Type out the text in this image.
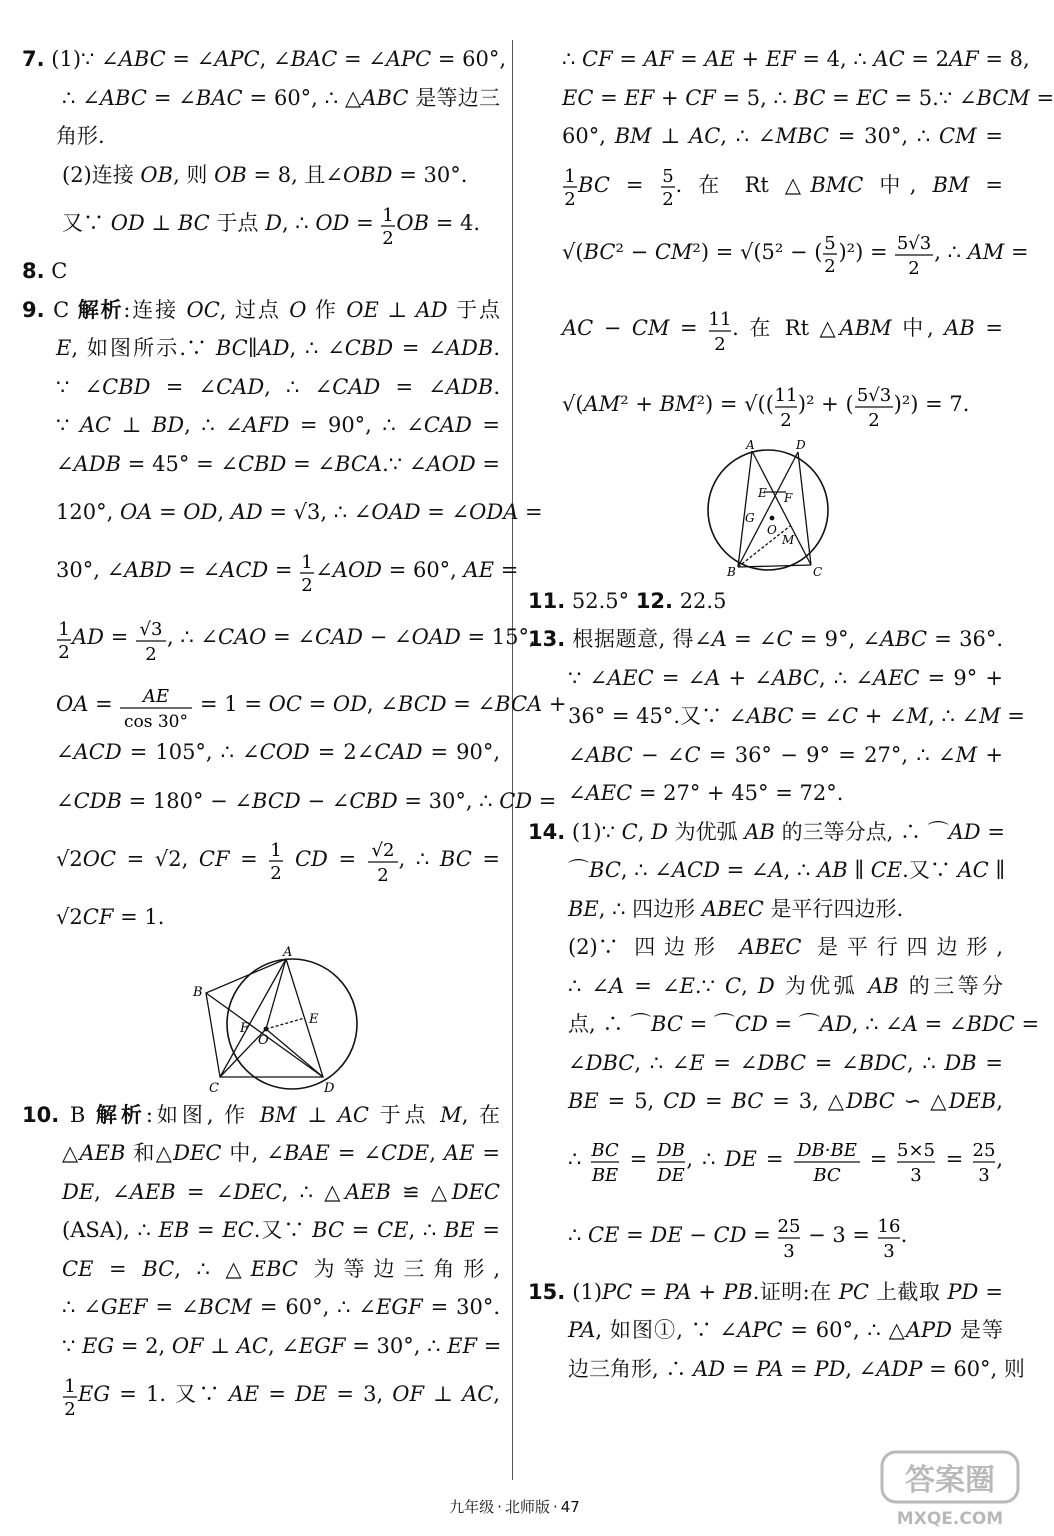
7. (1)∵ ∠ABC = ∠APC, ∠BAC = ∠APC = 60°,
∴ ∠ABC = ∠BAC = 60°, ∴ △ABC 是等边三
角形.
(2)连接 OB, 则 OB = 8, 且∠OBD = 30°.
又∵ OD ⊥ BC 于点 D, ∴ OD = 1
2
OB = 4.
8. C
9. C 解析:连接 OC, 过点 O 作 OE ⊥ AD 于点
E, 如图所示.∵ BC∥AD, ∴ ∠CBD = ∠ADB.
∵ ∠CBD = ∠CAD, ∴ ∠CAD = ∠ADB.
∵ AC ⊥ BD, ∴ ∠AFD = 90°, ∴ ∠CAD =
∠ADB = 45° = ∠CBD = ∠BCA.∵ ∠AOD =
120°, OA = OD, AD = √3, ∴ ∠OAD = ∠ODA =
30°, ∠ABD = ∠ACD = 1
2
∠AOD = 60°, AE =
1
2
AD = √3
2
, ∴ ∠CAO = ∠CAD − ∠OAD = 15°,
OA = AE
cos 30°
= 1 = OC = OD, ∠BCD = ∠BCA +
∠ACD = 105°, ∴ ∠COD = 2∠CAD = 90°,
∠CDB = 180° − ∠BCD − ∠CBD = 30°, ∴ CD =
√2OC = √2, CF = 1
2
CD = √2
2
, ∴ BC =
√2CF = 1.
A
B
C	D
O
F
E
10. B 解析:如图, 作 BM ⊥ AC 于点 M, 在
△AEB 和△DEC 中, ∠BAE = ∠CDE, AE =
DE, ∠AEB = ∠DEC, ∴ △AEB ≌ △DEC
(ASA), ∴ EB = EC.又∵ BC = CE, ∴ BE =
CE = BC, ∴ △EBC 为等边三角形,
∴ ∠GEF = ∠BCM = 60°, ∴ ∠EGF = 30°.
∵ EG = 2, OF ⊥ AC, ∠EGF = 30°, ∴ EF =
1
2
EG = 1. 又∵ AE = DE = 3, OF ⊥ AC,
∴ CF = AF = AE + EF = 4, ∴ AC = 2AF = 8,
EC = EF + CF = 5, ∴ BC = EC = 5.∵ ∠BCM =
60°, BM ⊥ AC, ∴ ∠MBC = 30°, ∴ CM =
1
2
BC = 5
2
. 在 Rt △BMC 中, BM =
√(BC² − CM²) = √(5² − ( 5
2
)²) = 5√3
2
, ∴ AM =
AC − CM = 11
2
. 在 Rt △ABM 中, AB =
√(AM² + BM²) = √(( 11
2
)² + ( 5√3
2
)²) = 7.
A	D
E F
G
O
M
B	C
11. 52.5° 12. 22.5
13. 根据题意, 得∠A = ∠C = 9°, ∠ABC = 36°.
∵ ∠AEC = ∠A + ∠ABC, ∴ ∠AEC = 9° +
36° = 45°.又∵ ∠ABC = ∠C + ∠M, ∴ ∠M =
∠ABC − ∠C = 36° − 9° = 27°, ∴ ∠M +
∠AEC = 27° + 45° = 72°.
14. (1)∵ C, D 为优弧 AB 的三等分点, ∴ ⌒AD =
⌒BC, ∴ ∠ACD = ∠A, ∴ AB ∥ CE.又∵ AC ∥
BE, ∴ 四边形 ABEC 是平行四边形.
(2)∵ 四边形 ABEC 是平行四边形,
∴ ∠A = ∠E.∵ C, D 为优弧 AB 的三等分
点, ∴ ⌒BC = ⌒CD = ⌒AD, ∴ ∠A = ∠BDC =
∠DBC, ∴ ∠E = ∠DBC = ∠BDC, ∴ DB =
BE = 5, CD = BC = 3, △DBC ∽ △DEB,
∴ BC
BE
= DB
DE
, ∴ DE = DB·BE
BC
= 5×5
3
= 25
3
,
∴ CE = DE − CD = 25
3
− 3 = 16
3
.
15. (1)PC = PA + PB.证明:在 PC 上截取 PD =
PA, 如图①, ∵ ∠APC = 60°, ∴ △APD 是等
边三角形, ∴ AD = PA = PD, ∠ADP = 60°, 则
九年级 · 北师版 · 47
答案圈
MXQE.COM
